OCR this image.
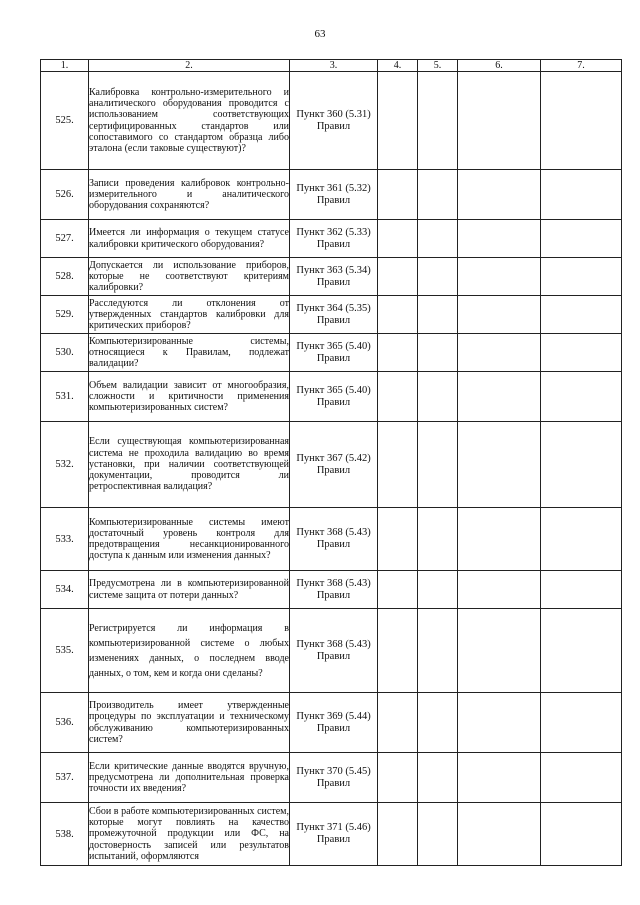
63
1.	2.	3.	4.	5.	6.	7.
525.	Калибровка контрольно-измерительного и аналитического оборудования проводится с использованием соответствующих сертифицированных стандартов или сопоставимого со стандартом образца либо эталона (если таковые существуют)?	Пункт 360 (5.31)
Правил				

526.	Записи проведения калибровок контрольно-измерительного и аналитического оборудования сохраняются?	Пункт 361 (5.32)
Правил				

527.	Имеется ли информация о текущем статусе калибровки критического оборудования?	Пункт 362 (5.33)
Правил				

528.	Допускается ли использование приборов, которые не соответствуют критериям калибровки?	Пункт 363 (5.34)
Правил				

529.	Расследуются ли отклонения от утвержденных стандартов калибровки для критических приборов?	Пункт 364 (5.35)
Правил				

530.	Компьютеризированные системы, относящиеся к Правилам, подлежат валидации?	Пункт 365 (5.40)
Правил				

531.	Объем валидации зависит от многообразия, сложности и критичности применения компьютеризированных систем?	Пункт 365 (5.40)
Правил				

532.	Если существующая компьютеризированная система не проходила валидацию во время установки, при наличии соответствующей документации, проводится ли ретроспективная валидация?	Пункт 367 (5.42)
Правил				

533.	Компьютеризированные системы имеют достаточный уровень контроля для предотвращения несанкционированного доступа к данным или изменения данных?	Пункт 368 (5.43)
Правил				

534.	Предусмотрена ли в компьютеризированной системе защита от потери данных?	Пункт 368 (5.43)
Правил				

535.	Регистрируется ли информация в компьютеризированной системе о любых изменениях данных, о последнем вводе данных, о том, кем и когда они сделаны?	Пункт 368 (5.43)
Правил				

536.	Производитель имеет утвержденные процедуры по эксплуатации и техническому обслуживанию компьютеризированных систем?	Пункт 369 (5.44)
Правил				

537.	Если критические данные вводятся вручную, предусмотрена ли дополнительная проверка точности их введения?	Пункт 370 (5.45)
Правил				

538.	Сбои в работе компьютеризированных систем, которые могут повлиять на качество промежуточной продукции или ФС, на достоверность записей или результатов испытаний, оформляются	Пункт 371 (5.46)
Правил				
